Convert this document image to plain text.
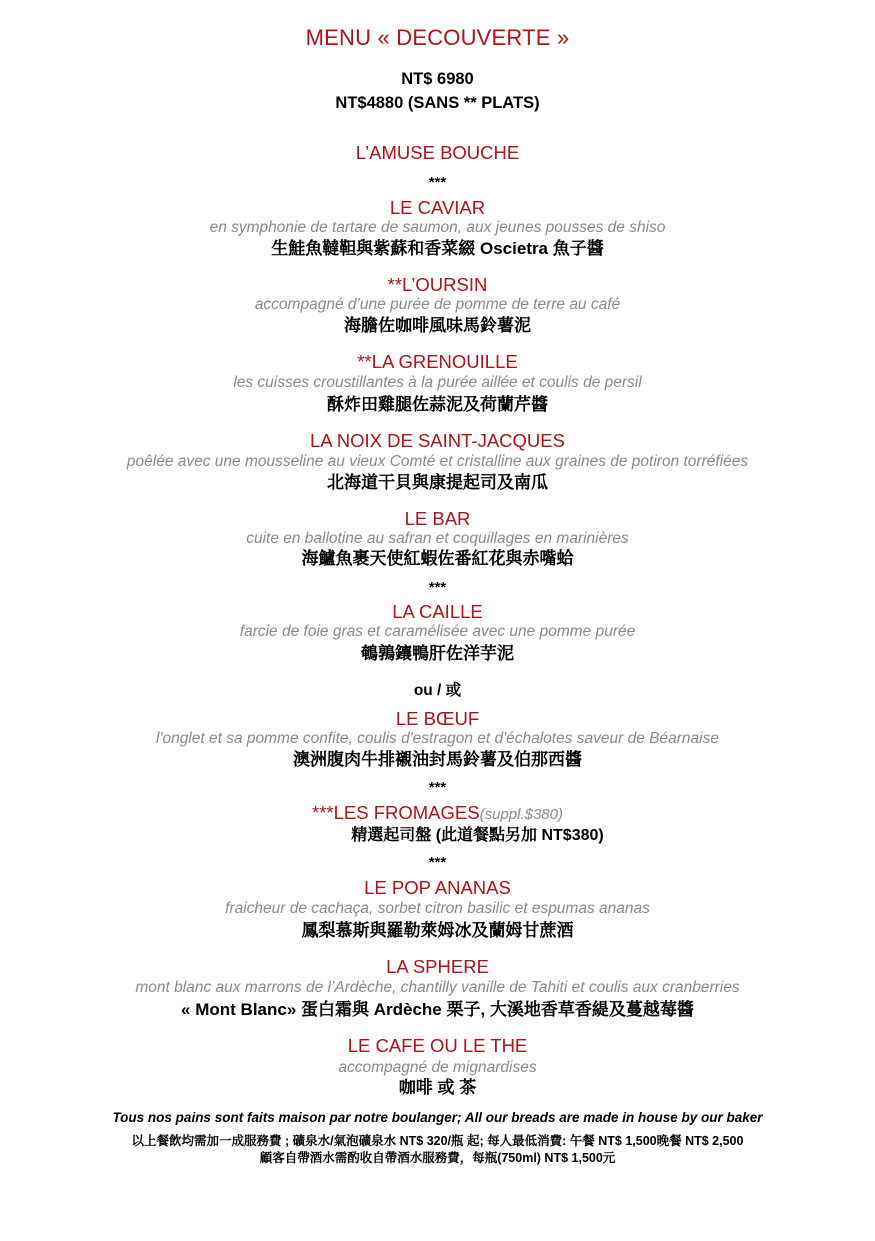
MENU « DECOUVERTE »
NT$ 6980
NT$4880 (SANS ** PLATS)
L’AMUSE BOUCHE
***
LE CAVIAR
en symphonie de tartare de saumon, aux jeunes pousses de shiso
生鮭魚韃靼與紫蘇和香菜綴 Oscietra 魚子醬
**L’OURSIN
accompagné d’une purée de pomme de terre au café
海膽佐咖啡風味馬鈴薯泥
**LA GRENOUILLE
les cuisses croustillantes à la purée aillée et coulis de persil
酥炸田雞腿佐蒜泥及荷蘭芹醬
LA NOIX DE SAINT-JACQUES
poêlée avec une mousseline au vieux Comté et cristalline aux graines de potiron torréfiées
北海道干貝與康提起司及南瓜
LE BAR
cuite en ballotine au safran et coquillages en marinières
海鱸魚裹天使紅蝦佐番紅花與赤嘴蛤
***
LA CAILLE
farcie de foie gras et caramélisée avec une pomme purée
鵪鶉鑲鴨肝佐洋芋泥
ou / 或
LE BŒUF
l'onglet et sa pomme confite, coulis d'estragon et d'échalotes saveur de Béarnaise
澳洲腹肉牛排襯油封馬鈴薯及伯那西醬
***
***LES FROMAGES(suppl.$380)
精選起司盤 (此道餐點另加 NT$380)
***
LE POP ANANAS
fraicheur de cachaça, sorbet citron basilic et espumas ananas
鳳梨慕斯與羅勒萊姆冰及蘭姆甘蔗酒
LA SPHERE
mont blanc aux marrons de l’Ardèche, chantilly vanille de Tahiti et coulis aux cranberries
« Mont Blanc» 蛋白霜與 Ardèche 栗子, 大溪地香草香緹及蔓越莓醬
LE CAFE OU LE THE
accompagné de mignardises
咖啡 或 茶
Tous nos pains sont faits maison par notre boulanger; All our breads are made in house by our baker
以上餐飲均需加一成服務費 ; 礦泉水/氣泡礦泉水 NT$ 320/瓶 起; 每人最低消費: 午餐 NT$ 1,500晚餐 NT$ 2,500
顧客自帶酒水需酌收自帶酒水服務費，每瓶(750ml) NT$ 1,500元
